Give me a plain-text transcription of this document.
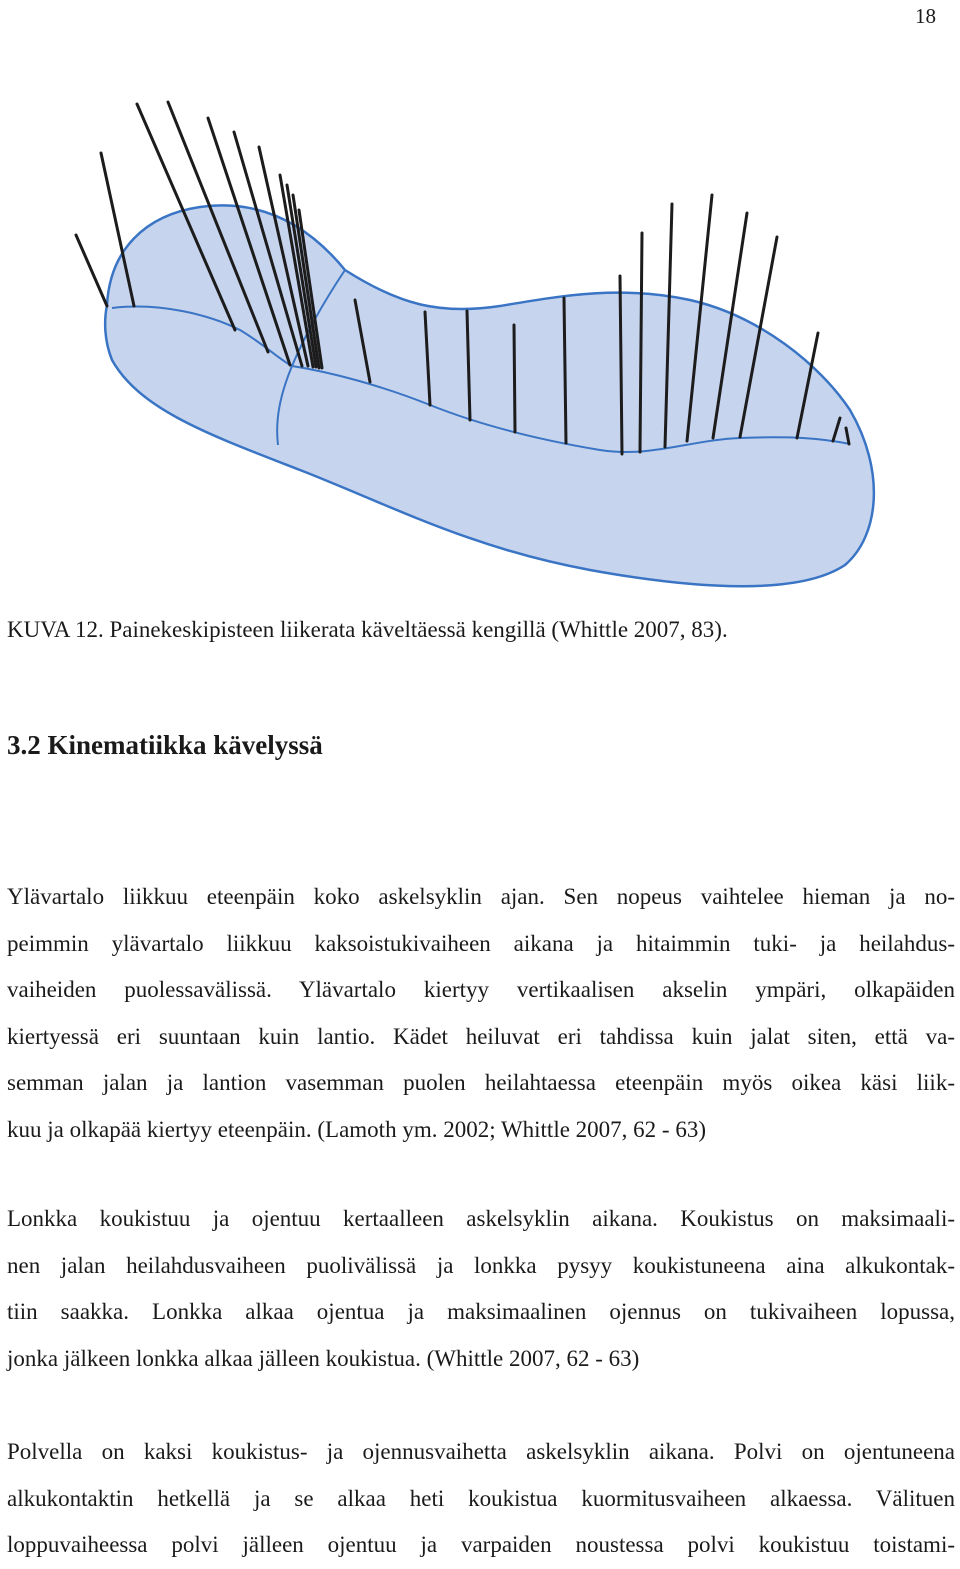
18
KUVA 12. Painekeskipisteen liikerata käveltäessä kengillä (Whittle 2007, 83).
3.2 Kinematiikka kävelyssä
Ylävartalo liikkuu eteenpäin koko askelsyklin ajan. Sen nopeus vaihtelee hieman ja no-
peimmin ylävartalo liikkuu kaksoistukivaiheen aikana ja hitaimmin tuki- ja heilahdus-
vaiheiden puolessavälissä. Ylävartalo kiertyy vertikaalisen akselin ympäri, olkapäiden
kiertyessä eri suuntaan kuin lantio. Kädet heiluvat eri tahdissa kuin jalat siten, että va-
semman jalan ja lantion vasemman puolen heilahtaessa eteenpäin myös oikea käsi liik-
kuu ja olkapää kiertyy eteenpäin. (Lamoth ym. 2002; Whittle 2007, 62 - 63)
Lonkka koukistuu ja ojentuu kertaalleen askelsyklin aikana. Koukistus on maksimaali-
nen jalan heilahdusvaiheen puolivälissä ja lonkka pysyy koukistuneena aina alkukontak-
tiin saakka. Lonkka alkaa ojentua ja maksimaalinen ojennus on tukivaiheen lopussa,
jonka jälkeen lonkka alkaa jälleen koukistua. (Whittle 2007, 62 - 63)
Polvella on kaksi koukistus- ja ojennusvaihetta askelsyklin aikana. Polvi on ojentuneena
alkukontaktin hetkellä ja se alkaa heti koukistua kuormitusvaiheen alkaessa. Välituen
loppuvaiheessa polvi jälleen ojentuu ja varpaiden noustessa polvi koukistuu toistami-
